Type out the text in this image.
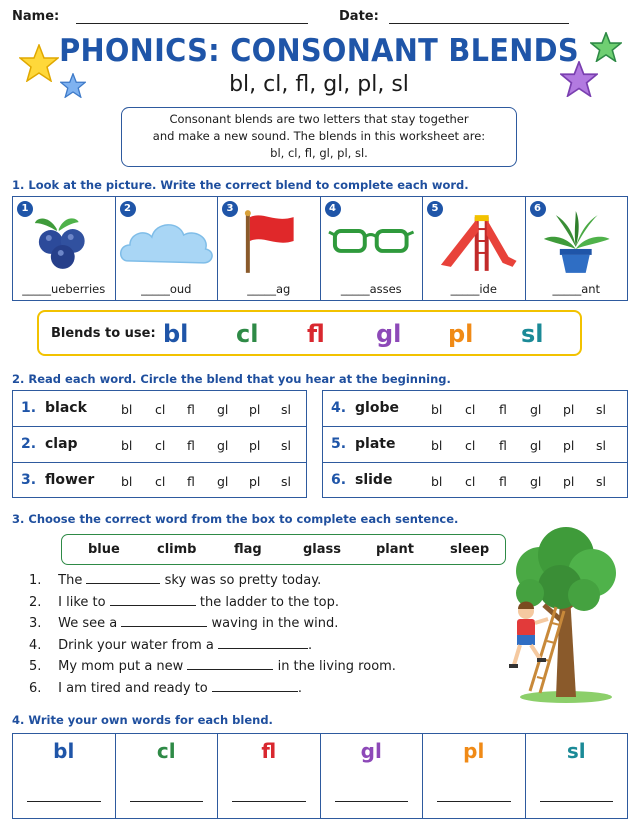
Name:	Date:
PHONICS: CONSONANT BLENDS
bl, cl, fl, gl, pl, sl
Consonant blends are two letters that stay together
and make a new sound. The blends in this worksheet are:
bl, cl, fl, gl, pl, sl.
1. Look at the picture. Write the correct blend to complete each word.
1
_____ueberries
2
_____oud
3
_____ag
4
_____asses
5
_____ide
6
_____ant
Blends to use: bl cl fl gl pl sl
2. Read each word. Circle the blend that you hear at the beginning.
1. black	bl cl fl gl pl sl
2. clap	bl cl fl gl pl sl
3. flower bl cl fl gl pl sl
4. globe	bl cl fl gl pl sl
5. plate	bl cl fl gl pl sl
6. slide	bl cl fl gl pl sl
3. Choose the correct word from the box to complete each sentence.
blue	climb	flag	glass	plant	sleep
1. The	sky was so pretty today.
2. I like to	the ladder to the top.
3. We see a	waving in the wind.
4. Drink your water from a	.
5. My mom put a new	in the living room.
6. I am tired and ready to	.
4. Write your own words for each blend.
bl	cl	fl	gl	pl	sl
